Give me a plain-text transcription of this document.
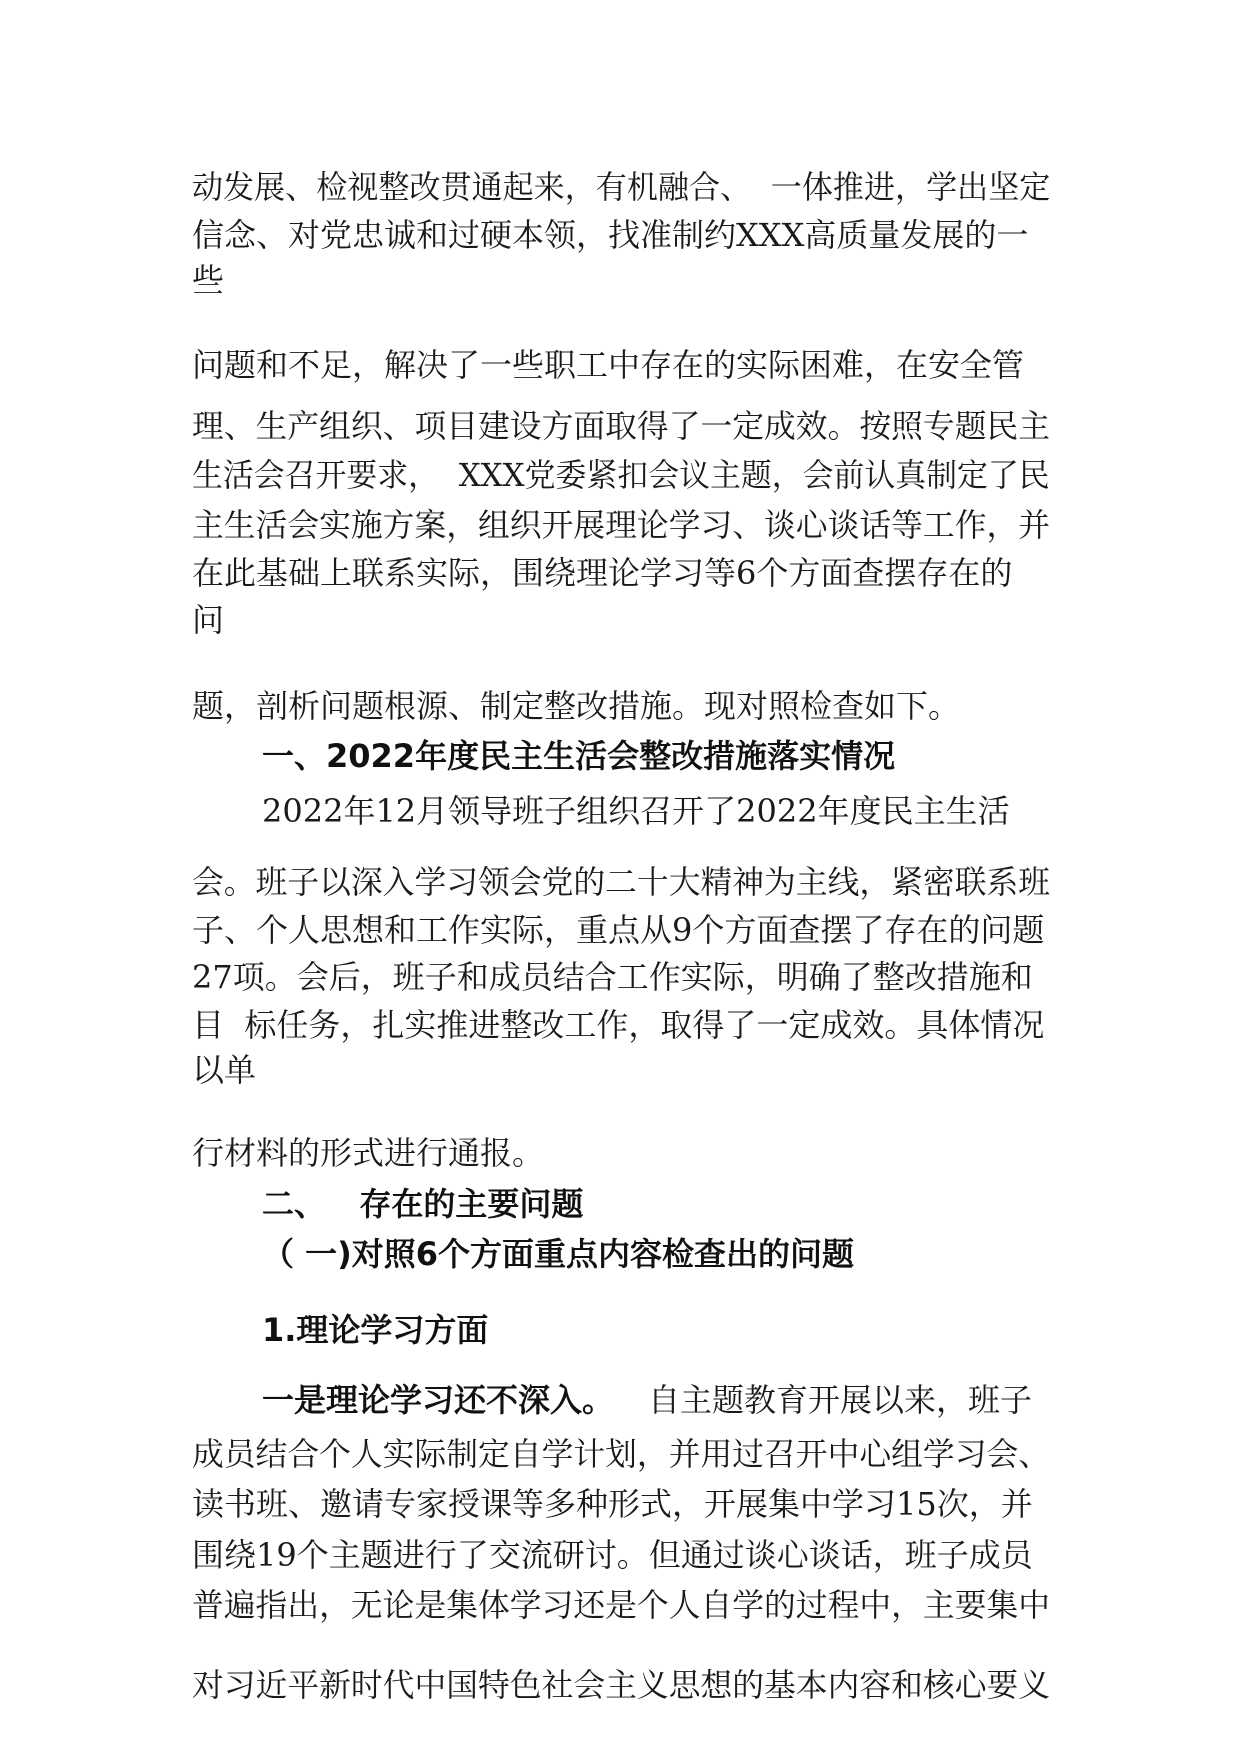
动发展、检视整改贯通起来，有机融合、  一体推进，学出坚定
信念、对党忠诚和过硬本领，找准制约XXX高质量发展的一
些
问题和不足，解决了一些职工中存在的实际困难，在安全管
理、生产组织、项目建设方面取得了一定成效。按照专题民主
生活会召开要求，  XXX党委紧扣会议主题，会前认真制定了民
主生活会实施方案，组织开展理论学习、谈心谈话等工作，并
在此基础上联系实际，围绕理论学习等6个方面查摆存在的
问
题，剖析问题根源、制定整改措施。现对照检查如下。
一、2022年度民主生活会整改措施落实情况
2022年12月领导班子组织召开了2022年度民主生活
会。班子以深入学习领会党的二十大精神为主线，紧密联系班
子、个人思想和工作实际，重点从9个方面查摆了存在的问题
27项。会后，班子和成员结合工作实际，明确了整改措施和
目  标任务，扎实推进整改工作，取得了一定成效。具体情况
以单
行材料的形式进行通报。
二、   存在的主要问题
（ 一)对照6个方面重点内容检查出的问题
1.理论学习方面
一是理论学习还不深入。 自主题教育开展以来，班子
成员结合个人实际制定自学计划，并用过召开中心组学习会、
读书班、邀请专家授课等多种形式，开展集中学习15次，并
围绕19个主题进行了交流研讨。但通过谈心谈话，班子成员
普遍指出，无论是集体学习还是个人自学的过程中，主要集中
对习近平新时代中国特色社会主义思想的基本内容和核心要义
